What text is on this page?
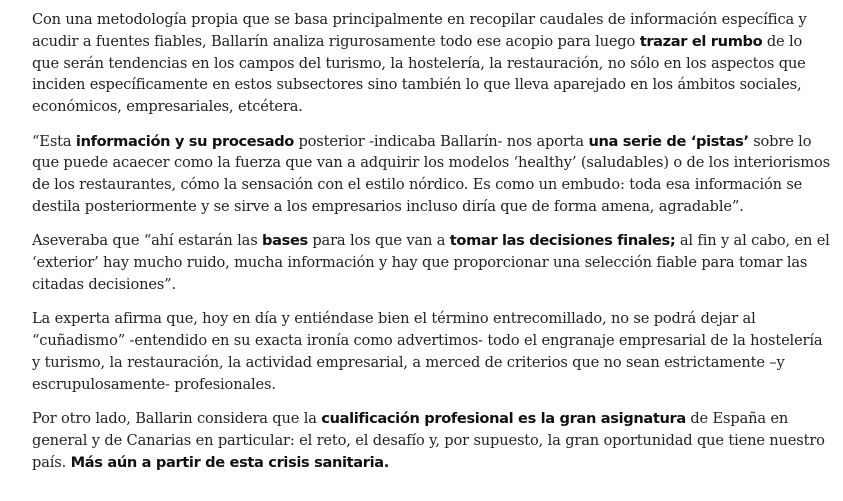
Con una metodología propia que se basa principalmente en recopilar caudales de información específica y acudir a fuentes fiables, Ballarín analiza rigurosamente todo ese acopio para luego trazar el rumbo de lo que serán tendencias en los campos del turismo, la hostelería, la restauración, no sólo en los aspectos que inciden específicamente en estos subsectores sino también lo que lleva aparejado en los ámbitos sociales, económicos, empresariales, etcétera.

“Esta información y su procesado posterior -indicaba Ballarín- nos aporta una serie de ‘pistas’ sobre lo que puede acaecer como la fuerza que van a adquirir los modelos ‘healthy’ (saludables) o de los interiorismos de los restaurantes, cómo la sensación con el estilo nórdico. Es como un embudo: toda esa información se destila posteriormente y se sirve a los empresarios incluso diría que de forma amena, agradable”.

Aseveraba que “ahí estarán las bases para los que van a tomar las decisiones finales; al fin y al cabo, en el ‘exterior’ hay mucho ruido, mucha información y hay que proporcionar una selección fiable para tomar las citadas decisiones”.

La experta afirma que, hoy en día y entiéndase bien el término entrecomillado, no se podrá dejar al “cuñadismo” -entendido en su exacta ironía como advertimos- todo el engranaje empresarial de la hostelería y turismo, la restauración, la actividad empresarial, a merced de criterios que no sean estrictamente –y escrupulosamente- profesionales.

Por otro lado, Ballarin considera que la cualificación profesional es la gran asignatura de España en general y de Canarias en particular: el reto, el desafío y, por supuesto, la gran oportunidad que tiene nuestro país. Más aún a partir de esta crisis sanitaria.
